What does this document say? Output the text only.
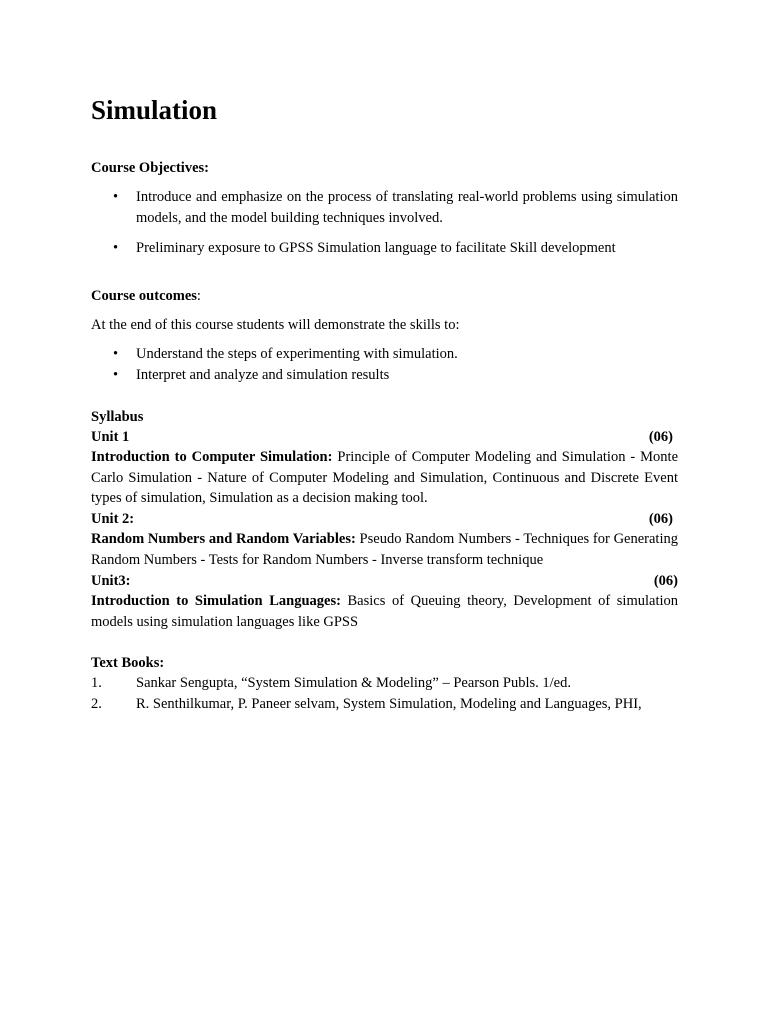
Simulation

Course Objectives:

• Introduce and emphasize on the process of translating real-world problems using simulation models, and the model building techniques involved.
• Preliminary exposure to GPSS Simulation language to facilitate Skill development

Course outcomes:

At the end of this course students will demonstrate the skills to:

• Understand the steps of experimenting with simulation.
• Interpret and analyze and simulation results

Syllabus

Unit 1	(06)

Introduction to Computer Simulation: Principle of Computer Modeling and Simulation - Monte Carlo Simulation - Nature of Computer Modeling and Simulation, Continuous and Discrete Event types of simulation, Simulation as a decision making tool.

Unit 2:	(06)

Random Numbers and Random Variables: Pseudo Random Numbers - Techniques for Generating Random Numbers - Tests for Random Numbers - Inverse transform technique

Unit3:	(06)

Introduction to Simulation Languages: Basics of Queuing theory, Development of simulation models using simulation languages like GPSS

Text Books:

1. Sankar Sengupta, “System Simulation & Modeling” – Pearson Publs. 1/ed.
2. R. Senthilkumar, P. Paneer selvam, System Simulation, Modeling and Languages, PHI,
